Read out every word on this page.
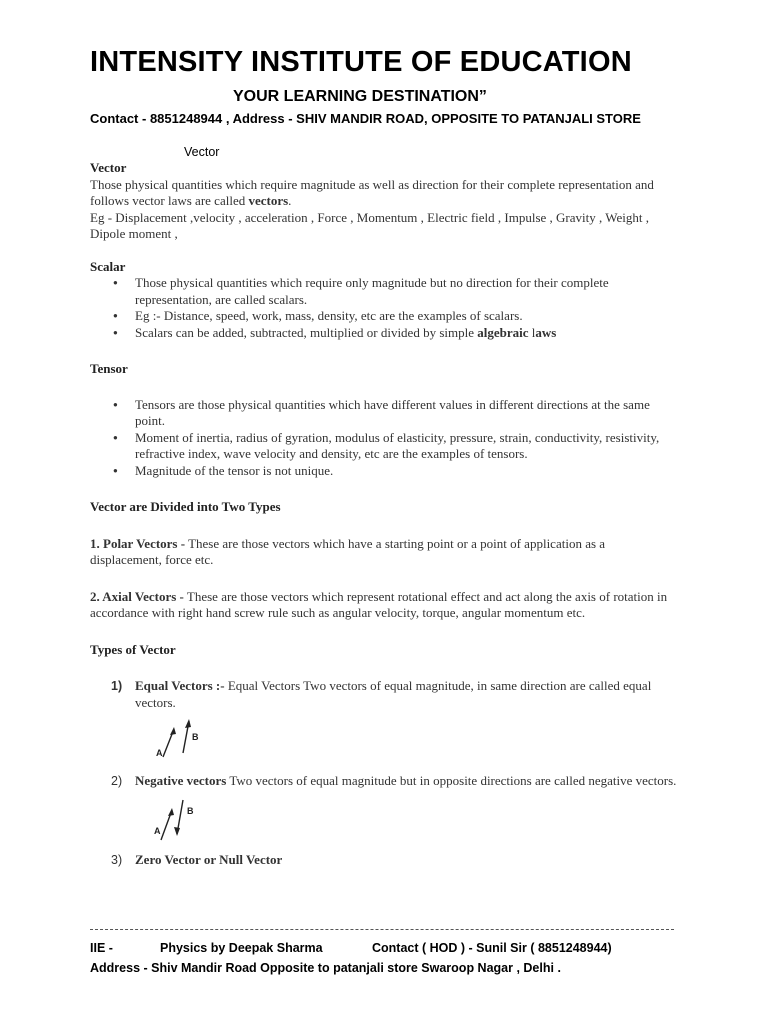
INTENSITY INSTITUTE OF EDUCATION
YOUR LEARNING DESTINATION”
Contact - 8851248944 , Address - SHIV MANDIR ROAD, OPPOSITE TO PATANJALI STORE
Vector

Vector

Those physical quantities which require magnitude as well as direction for their complete representation and follows vector laws are called vectors.

Eg - Displacement ,velocity , acceleration , Force , Momentum , Electric field , Impulse , Gravity , Weight , Dipole moment ,

Scalar

● Those physical quantities which require only magnitude but no direction for their complete representation, are called scalars.
● Eg :- Distance, speed, work, mass, density, etc are the examples of scalars.
● Scalars can be added, subtracted, multiplied or divided by simple algebraic laws

Tensor

● Tensors are those physical quantities which have different values in different directions at the same point.
● Moment of inertia, radius of gyration, modulus of elasticity, pressure, strain, conductivity, resistivity, refractive index, wave velocity and density, etc are the examples of tensors.
● Magnitude of the tensor is not unique.

Vector are Divided into Two Types

1. Polar Vectors - These are those vectors which have a starting point or a point of application as a displacement, force etc.

2. Axial Vectors - These are those vectors which represent rotational effect and act along the axis of rotation in accordance with right hand screw rule such as angular velocity, torque, angular momentum etc.

Types of Vector

1) Equal Vectors :- Equal Vectors Two vectors of equal magnitude, in same direction are called equal vectors.
A
B
2) Negative vectors Two vectors of equal magnitude but in opposite directions are called negative vectors.
A
B
3) Zero Vector or Null Vector
IIE -	Physics by Deepak Sharma	Contact ( HOD ) - Sunil Sir ( 8851248944)
Address - Shiv Mandir Road Opposite to patanjali store Swaroop Nagar , Delhi .
